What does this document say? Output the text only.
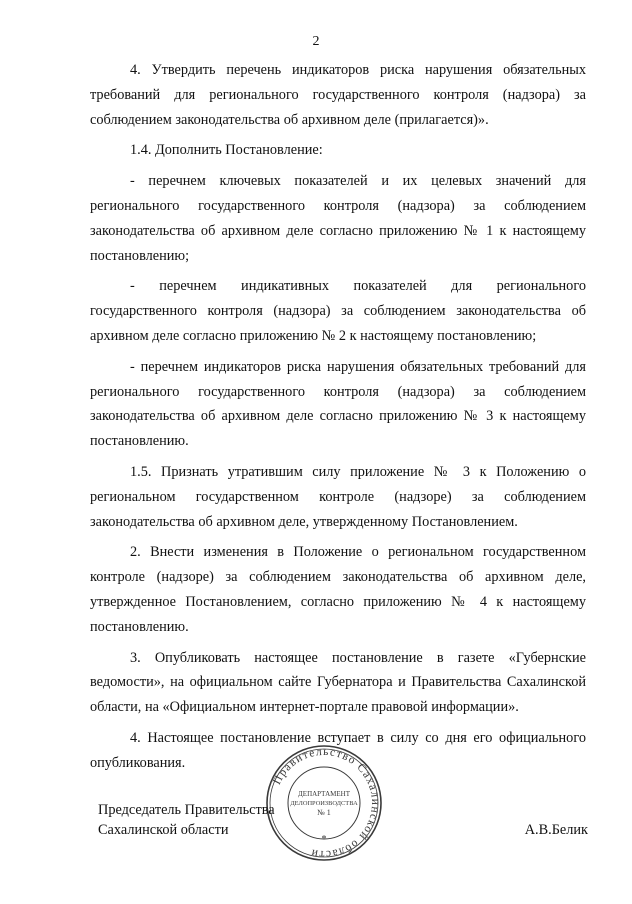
2

4. Утвердить перечень индикаторов риска нарушения обязательных требований для регионального государственного контроля (надзора) за соблюдением законодательства об архивном деле (прилагается)».

1.4. Дополнить Постановление:

- перечнем ключевых показателей и их целевых значений для регионального государственного контроля (надзора) за соблюдением законодательства об архивном деле согласно приложению № 1 к настоящему постановлению;

- перечнем индикативных показателей для регионального государственного контроля (надзора) за соблюдением законодательства об архивном деле согласно приложению № 2 к настоящему постановлению;

- перечнем индикаторов риска нарушения обязательных требований для регионального государственного контроля (надзора) за соблюдением законодательства об архивном деле согласно приложению № 3 к настоящему постановлению.

1.5. Признать утратившим силу приложение № 3 к Положению о региональном государственном контроле (надзоре) за соблюдением законодательства об архивном деле, утвержденному Постановлением.

2. Внести изменения в Положение о региональном государственном контроле (надзоре) за соблюдением законодательства об архивном деле, утвержденное Постановлением, согласно приложению № 4 к настоящему постановлению.

3. Опубликовать настоящее постановление в газете «Губернские ведомости», на официальном сайте Губернатора и Правительства Сахалинской области, на «Официальном интернет-портале правовой информации».

4. Настоящее постановление вступает в силу со дня его официального опубликования.

Правительство Сахалинской области
*
ДЕПАРТАМЕНТ
ДЕЛОПРОИЗВОДСТВА
№ 1
Председатель Правительства
Сахалинской области	А.В.Белик
